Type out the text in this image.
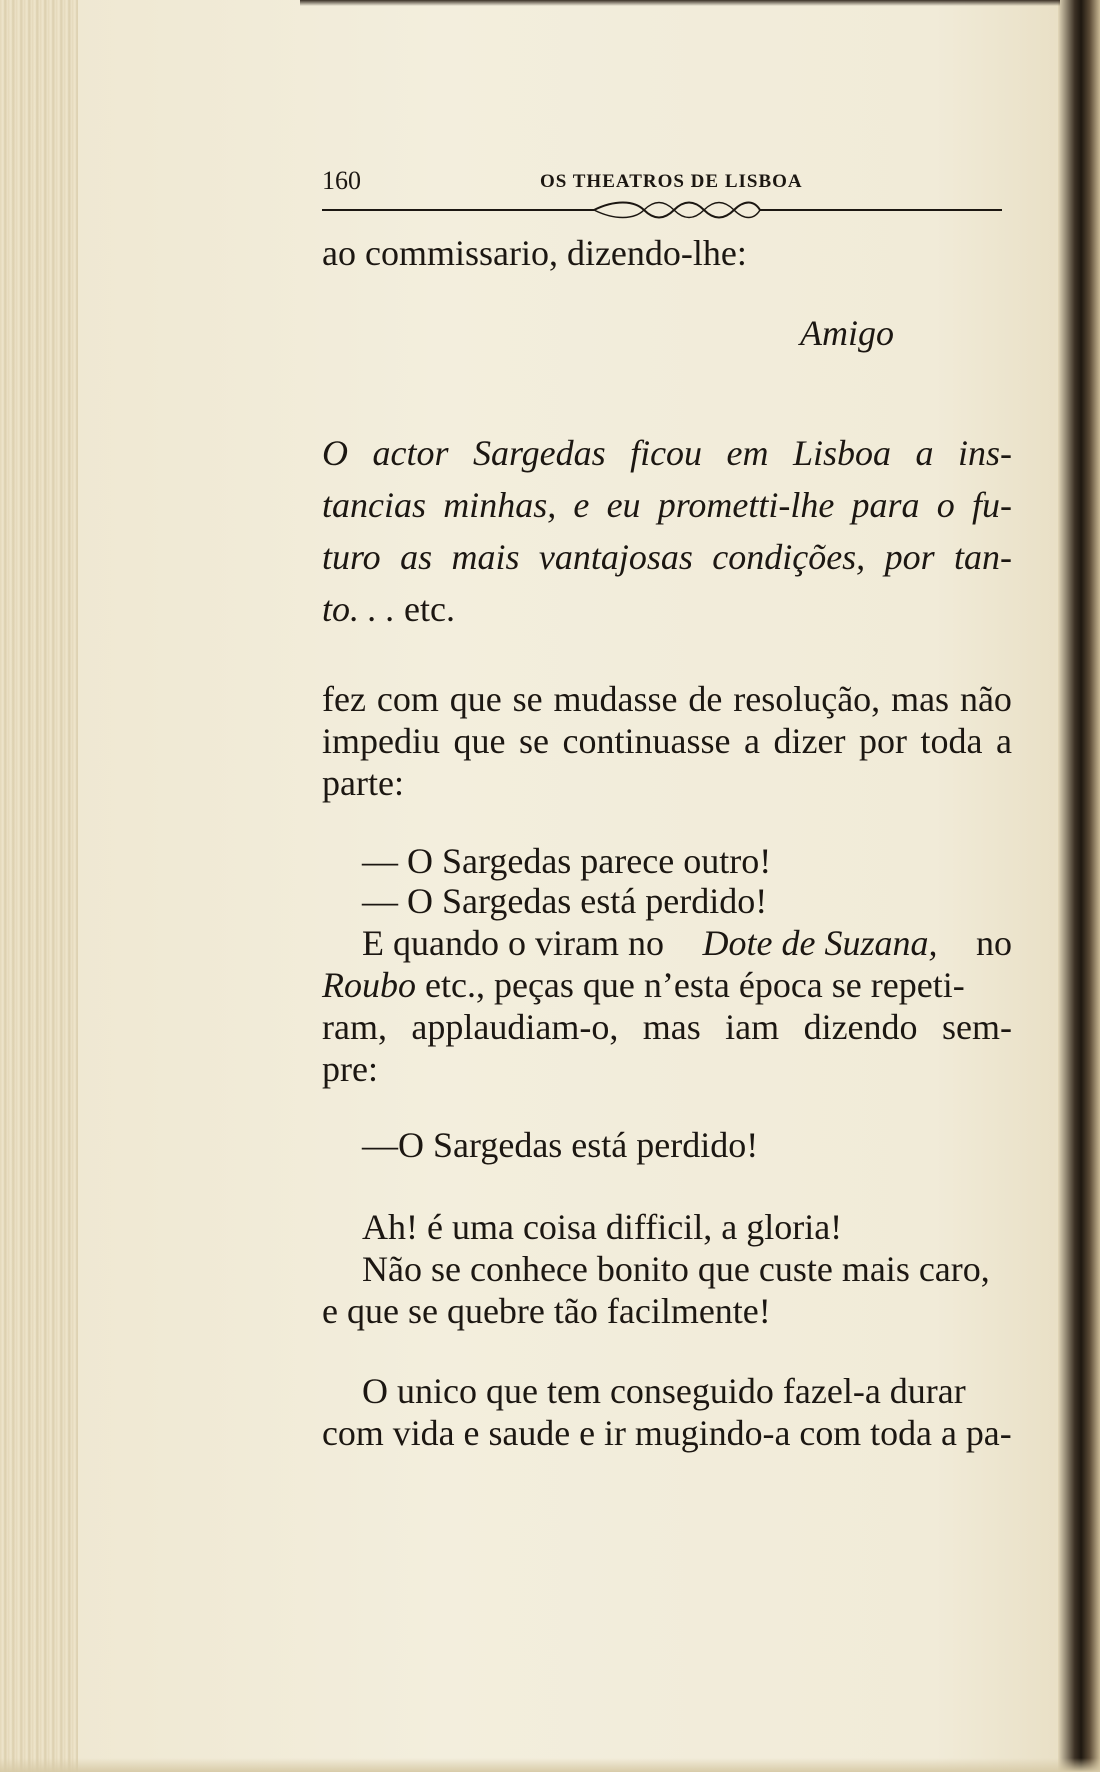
160	OS THEATROS DE LISBOA
ao commissario, dizendo-lhe:
Amigo
O actor Sargedas ficou em Lisboa a ins-
tancias minhas, e eu prometti-lhe para o fu-
turo as mais vantajosas condições, por tan-
to. . . etc.
fez com que se mudasse de resolução, mas não
impediu que se continuasse a dizer por toda a
parte:
— O Sargedas parece outro!
— O Sargedas está perdido!
E quando o viram no Dote de Suzana, no
Roubo etc., peças que n’esta época se repeti-
ram, applaudiam-o, mas iam dizendo sem-
pre:
—O Sargedas está perdido!
Ah! é uma coisa difficil, a gloria!
Não se conhece bonito que custe mais caro,
e que se quebre tão facilmente!
O unico que tem conseguido fazel-a durar
com vida e saude e ir mugindo-a com toda a pa-
